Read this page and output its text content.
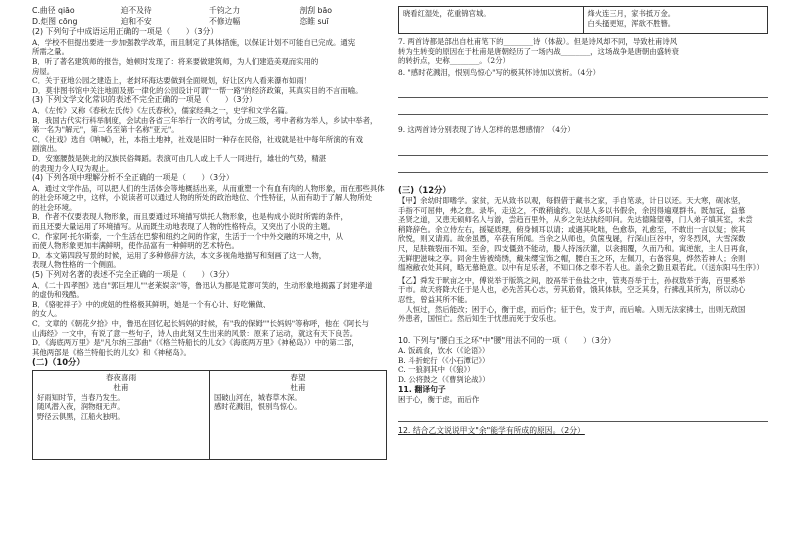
C.曲径 qiāo	迫不及待	千钧之力	剖刮 bāo
D.炬图 cōng	迫和不安	不修边幅	恣睢 suī
(2) 下列句子中成语运用正确的一项是（　　）（3分）
A．学校不但提出要进一步加强教学改革，而且制定了具体措施，以保证计划不可能自已完成。通宪
所需之量。
B．听了著名建筑师的报告，她顿时发现了：将来要做建筑师，为人们建造美观而实用的
房屋。
C．关于亚地公园之建造上，老封环海达要做到全面规划，好让区内人看来瀑布如雨！
D．莫非图书馆中关注地面及那一律化的公园设计可谓"一帮一路"的经济政策，其真实目的不言而喻。
(3) 下列文学文化常识的表述不完全正确的一项是（　　）（3分）
A．《左传》又称《春秋左氏传》《左氏春秋》，儒家经典之一，史学和文学名篇。
B．我国古代实行科举制度，会试由各省三年举行一次的考试，分成三级，考中者称为举人，乡试中举者，
第一名为"解元"，第二名至第十名称"亚元"。
C．《社戏》选自《呐喊》，社，本指土地神，社戏是旧时一种存在民俗，社戏就是社中每年所演的有戏
剧演出。
D．安塞腰鼓是陕北的汉族民俗舞蹈。表演可由几人或上千人一同进行，雄壮的气势，精湛
的表现力令人叹为观止。
(4) 下列各项中理解分析不全正确的一项是（　　）（3分）
A．通过文学作品，可以把人们的生活体会等地概括出来，从而重塑一个有血有肉的人物形象，而在那些具体
的社会环境之中，这样，小说读者可以通过人物的所处的政治地位、个性特征，从而有助于了解人物所处
的社会环境。
B．作者不仅要表现人物形象，而且要通过环境描写烘托人物形象，也是构成小说时所需的条件，
而且还要大量运用了环境描写。从而既生动地表现了人物的性格特点，又突出了小说的主题。
C．作家阿·托尔斯泰，一个生活在巴黎和纽约之间的作家，生活于一个中外交融的环境之中，从
而使人物形象更加丰满鲜明，使作品富有一种鲜明的艺术特色。
D．本文第四段写景的时候，运用了多种修辞方法，本文多视角地描写和刻画了这一人物，
表现人物性格的一个侧面。
(5) 下列对名著的表述不完全正确的一项是（　　）（3分）
A．《二十四孝图》选自"郭巨埋儿""老莱娱亲"等，鲁迅认为都是荒谬可笑的，生动形象地揭露了封建孝道
的虚伪和残酷。
B．《骆驼祥子》中的虎妞的性格极其鲜明，她是一个有心计、好吃懒做、
的女人。
C．文章的《朝花夕拾》中，鲁迅在回忆起长妈妈的时候，有"我的保姆""长妈妈"等称呼，他在《阿长与
山海经》一文中，有说了意一些句子，诗人由此刻又生出来的风景：原来了运动，就这有天下良苦。
D．《海底两万里》是"凡尔纳三部曲"（《格兰特船长的儿女》《海底两万里》《神秘岛》）中的第二部，
其他两部是《格兰特船长的儿女》和《神秘岛》。
(二)（10分）
春夜喜雨
杜甫
好雨知时节，当春乃发生。
随风潜入夜，润物细无声。
野径云俱黑，江船火独明。

春望
杜甫
国破山河在，城春草木深。
感时花溅泪，恨别鸟惊心。
晓看红湿处，花重锦官城。	烽火连三月，家书抵万金。
白头搔更短，浑欲不胜簪。
7. 两首诗都是部出自杜甫笔下的________诗（体裁）。但是诗风却不同，导致杜甫诗风
转为生转变的原因在于杜甫是唐朝经历了一场内战________，这场战争是唐朝由盛转衰
的转折点，史称________。（2分）
8. "感时花溅泪，恨别鸟惊心"写的极其怀诗加以赏析。（4分）
9. 这两首诗分别表现了诗人怎样的思想感情？（4分）
(三)（12分）
【甲】余幼时即嗜学。家贫，无从致书以观，每假借于藏书之家，手自笔录，计日以还。天大寒，砚冰坚，
手指不可屈伸，弗之怠。录毕，走送之，不敢稍逾约。以是人多以书假余，余因得遍观群书。既加冠，益慕
圣贤之道，又患无硕师名人与游，尝趋百里外，从乡之先达执经叩问。先达德隆望尊，门人弟子填其室，未尝
稍降辞色。余立侍左右，援疑质理，俯身倾耳以请；或遇其叱咄，色愈恭，礼愈至，不敢出一言以复；俟其
欣悦，则又请焉。故余虽愚，卒获有所闻。当余之从师也，负箧曳屣，行深山巨谷中，穷冬烈风，大雪深数
尺，足肤皲裂而不知。至舍，四支僵劲不能动，媵人持汤沃灌，以衾拥覆，久而乃和。寓逆旅，主人日再食，
无鲜肥滋味之享。同舍生皆被绮绣，戴朱缨宝饰之帽，腰白玉之环，左佩刀，右备容臭，烨然若神人；余则
缊袍敝衣处其间，略无慕艳意。以中有足乐者，不知口体之奉不若人也。盖余之勤且艰若此。（《送东阳马生序》）
【乙】舜发于畎亩之中，傅说举于版筑之间，胶鬲举于鱼盐之中，管夷吾举于士，孙叔敖举于海，百里奚举
于市。故天将降大任于是人也，必先苦其心志，劳其筋骨，饿其体肤，空乏其身，行拂乱其所为，所以动心
忍性，曾益其所不能。
　人恒过，然后能改；困于心，衡于虑，而后作；征于色，发于声，而后喻。入则无法家拂士，出则无敌国
外患者，国恒亡。然后知生于忧患而死于安乐也。
10. 下列与"腰白玉之环"中"腰"用法不同的一项（　　）（3分）
A. 饭疏食，饮水（《论语》）
B. 斗折蛇行（《小石潭记》）
C. 一狼洞其中（《狼》）
D. 公将鼓之（《曹刿论战》）
11. 翻译句子
困于心，衡于虑，而后作
12. 结合乙文说说甲文"余"能学有所成的原因。（2分）
